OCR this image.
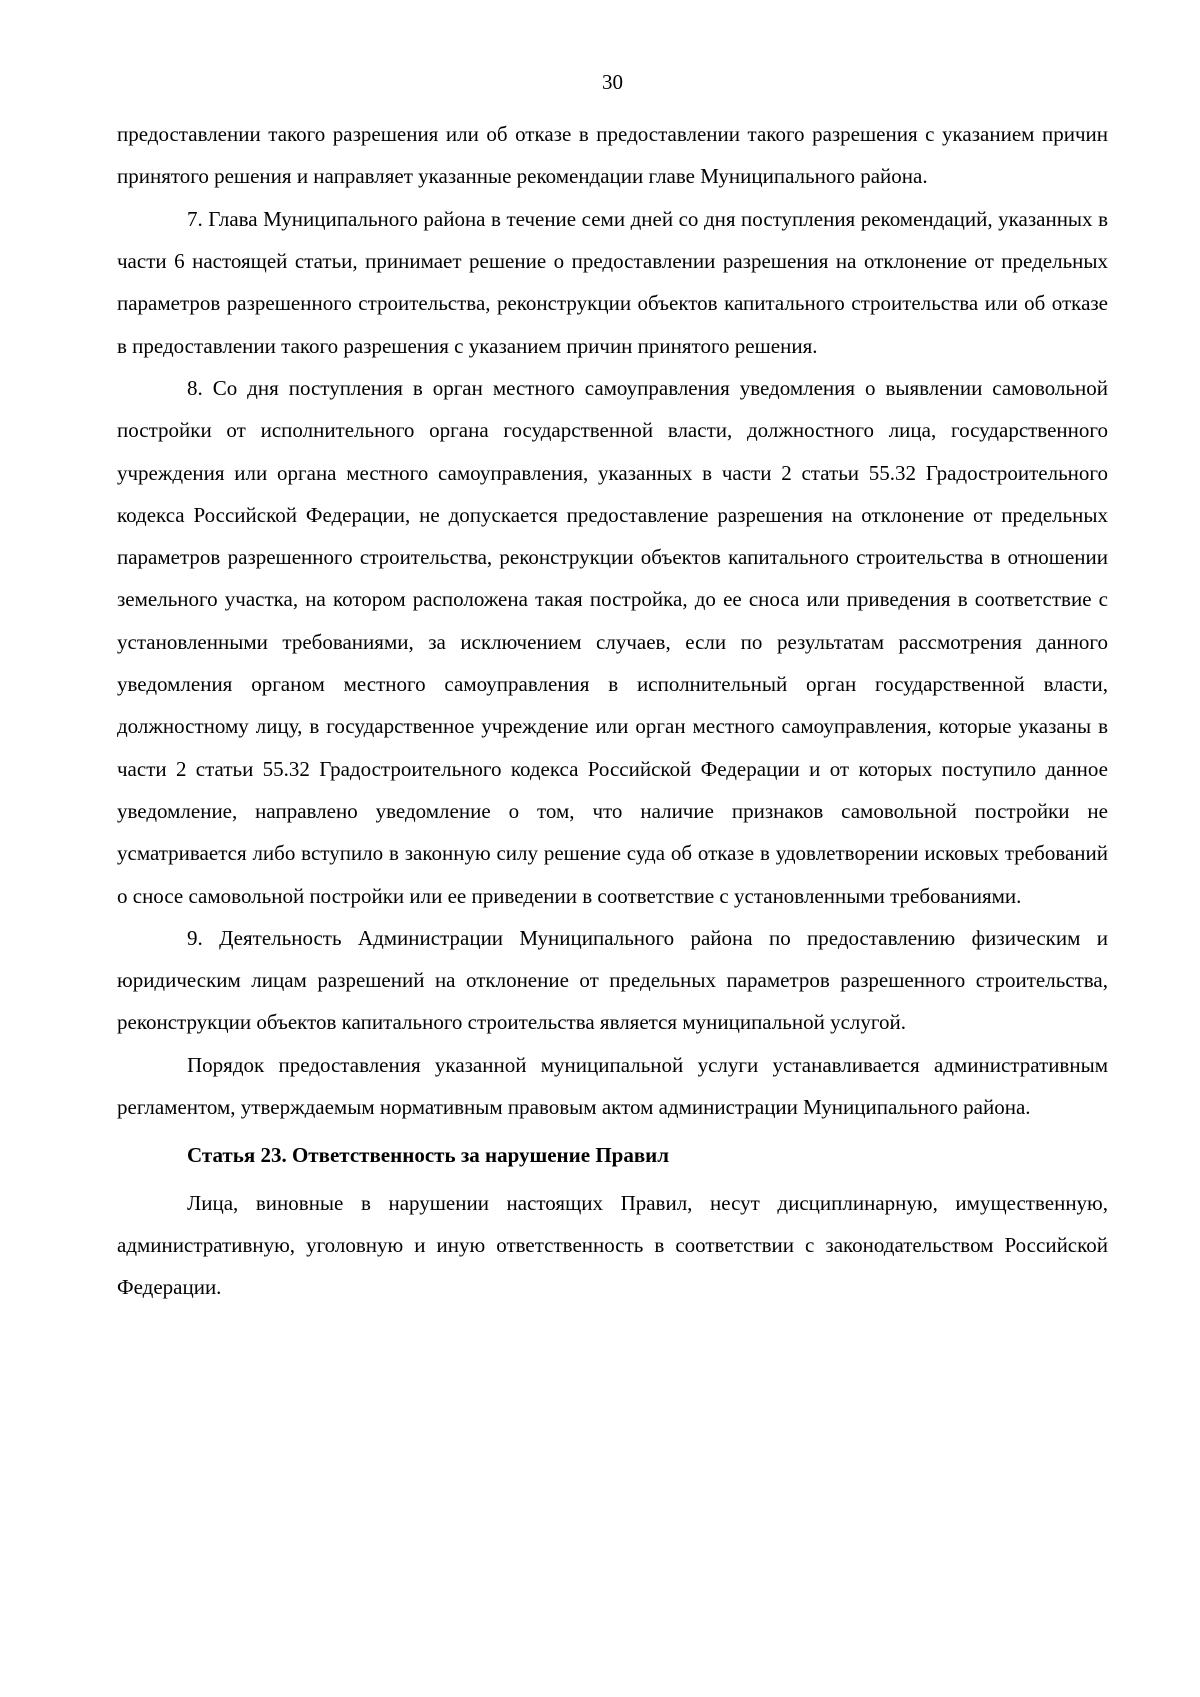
30

предоставлении такого разрешения или об отказе в предоставлении такого разрешения с указанием причин принятого решения и направляет указанные рекомендации главе Муниципального района.

7. Глава Муниципального района в течение семи дней со дня поступления рекомендаций, указанных в части 6 настоящей статьи, принимает решение о предоставлении разрешения на отклонение от предельных параметров разрешенного строительства, реконструкции объектов капитального строительства или об отказе в предоставлении такого разрешения с указанием причин принятого решения.

8. Со дня поступления в орган местного самоуправления уведомления о выявлении самовольной постройки от исполнительного органа государственной власти, должностного лица, государственного учреждения или органа местного самоуправления, указанных в части 2 статьи 55.32 Градостроительного кодекса Российской Федерации, не допускается предоставление разрешения на отклонение от предельных параметров разрешенного строительства, реконструкции объектов капитального строительства в отношении земельного участка, на котором расположена такая постройка, до ее сноса или приведения в соответствие с установленными требованиями, за исключением случаев, если по результатам рассмотрения данного уведомления органом местного самоуправления в исполнительный орган государственной власти, должностному лицу, в государственное учреждение или орган местного самоуправления, которые указаны в части 2 статьи 55.32 Градостроительного кодекса Российской Федерации и от которых поступило данное уведомление, направлено уведомление о том, что наличие признаков самовольной постройки не усматривается либо вступило в законную силу решение суда об отказе в удовлетворении исковых требований о сносе самовольной постройки или ее приведении в соответствие с установленными требованиями.

9. Деятельность Администрации Муниципального района по предоставлению физическим и юридическим лицам разрешений на отклонение от предельных параметров разрешенного строительства, реконструкции объектов капитального строительства является муниципальной услугой.

Порядок предоставления указанной муниципальной услуги устанавливается административным регламентом, утверждаемым нормативным правовым актом администрации Муниципального района.

Статья 23. Ответственность за нарушение Правил

Лица, виновные в нарушении настоящих Правил, несут дисциплинарную, имущественную, административную, уголовную и иную ответственность в соответствии с законодательством Российской Федерации.
